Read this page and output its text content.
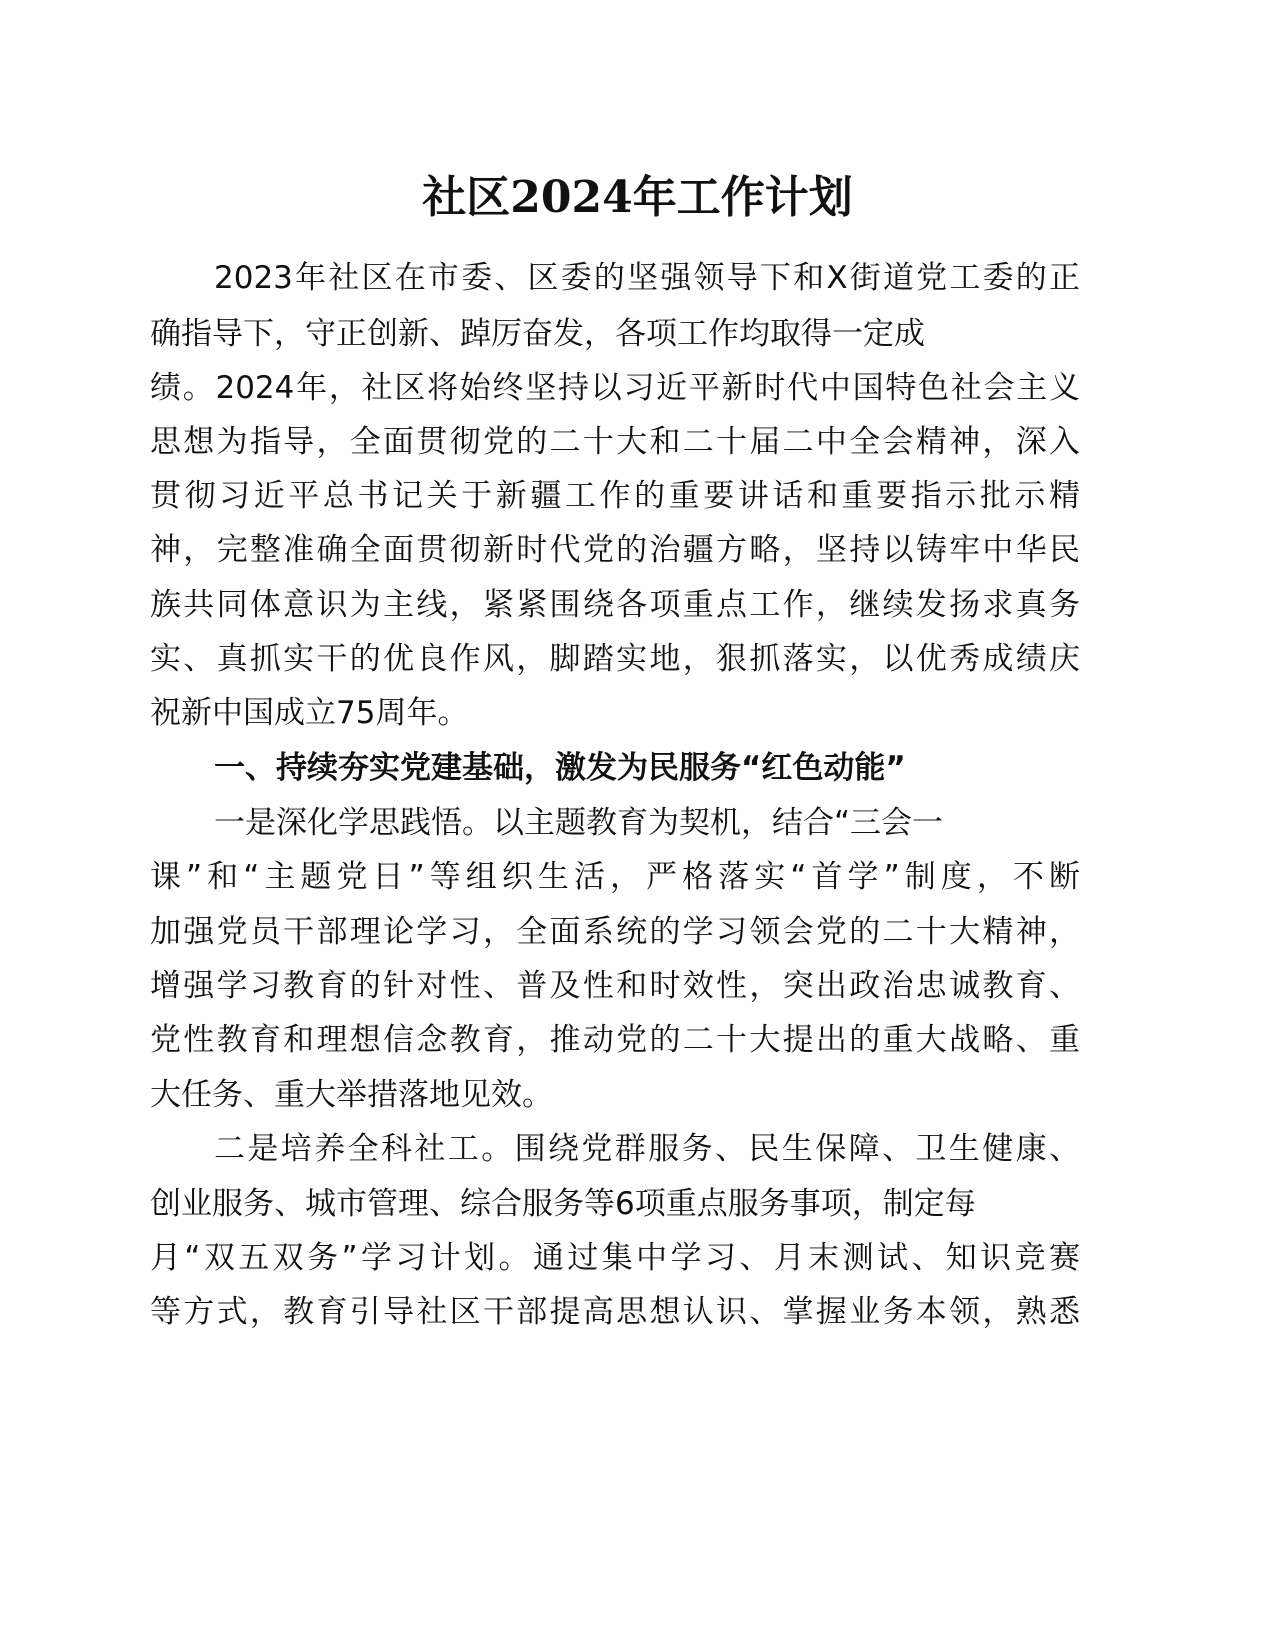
社区2024年工作计划
2023年社区在市委、区委的坚强领导下和X街道党工委的正
确指导下，守正创新、踔厉奋发，各项工作均取得一定成
绩。2024年，社区将始终坚持以习近平新时代中国特色社会主义
思想为指导，全面贯彻党的二十大和二十届二中全会精神，深入
贯彻习近平总书记关于新疆工作的重要讲话和重要指示批示精
神，完整准确全面贯彻新时代党的治疆方略，坚持以铸牢中华民
族共同体意识为主线，紧紧围绕各项重点工作，继续发扬求真务
实、真抓实干的优良作风，脚踏实地，狠抓落实，以优秀成绩庆
祝新中国成立75周年。
一、持续夯实党建基础，激发为民服务“红色动能”
一是深化学思践悟。以主题教育为契机，结合“三会一
课”和“主题党日”等组织生活，严格落实“首学”制度，不断
加强党员干部理论学习，全面系统的学习领会党的二十大精神，
增强学习教育的针对性、普及性和时效性，突出政治忠诚教育、
党性教育和理想信念教育，推动党的二十大提出的重大战略、重
大任务、重大举措落地见效。
二是培养全科社工。围绕党群服务、民生保障、卫生健康、
创业服务、城市管理、综合服务等6项重点服务事项，制定每
月“双五双务”学习计划。通过集中学习、月末测试、知识竞赛
等方式，教育引导社区干部提高思想认识、掌握业务本领，熟悉
